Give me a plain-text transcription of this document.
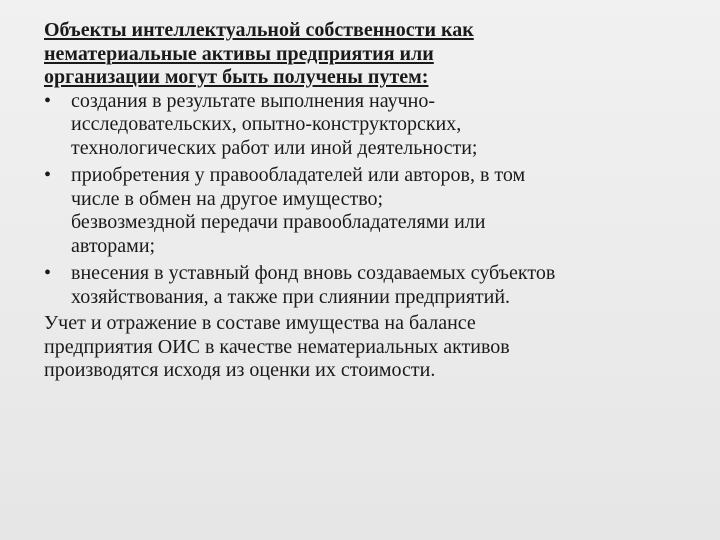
Объекты интеллектуальной собственности как
нематериальные активы предприятия или
организации могут быть получены путем:
• создания в результате выполнения научно-
исследовательских, опытно-конструкторских,
технологических работ или иной деятельности;
• приобретения у правообладателей или авторов, в том
числе в обмен на другое имущество;
безвозмездной передачи правообладателями или
авторами;
• внесения в уставный фонд вновь создаваемых субъектов
хозяйствования, а также при слиянии предприятий.
Учет и отражение в составе имущества на балансе
предприятия ОИС в качестве нематериальных активов
производятся исходя из оценки их стоимости.
